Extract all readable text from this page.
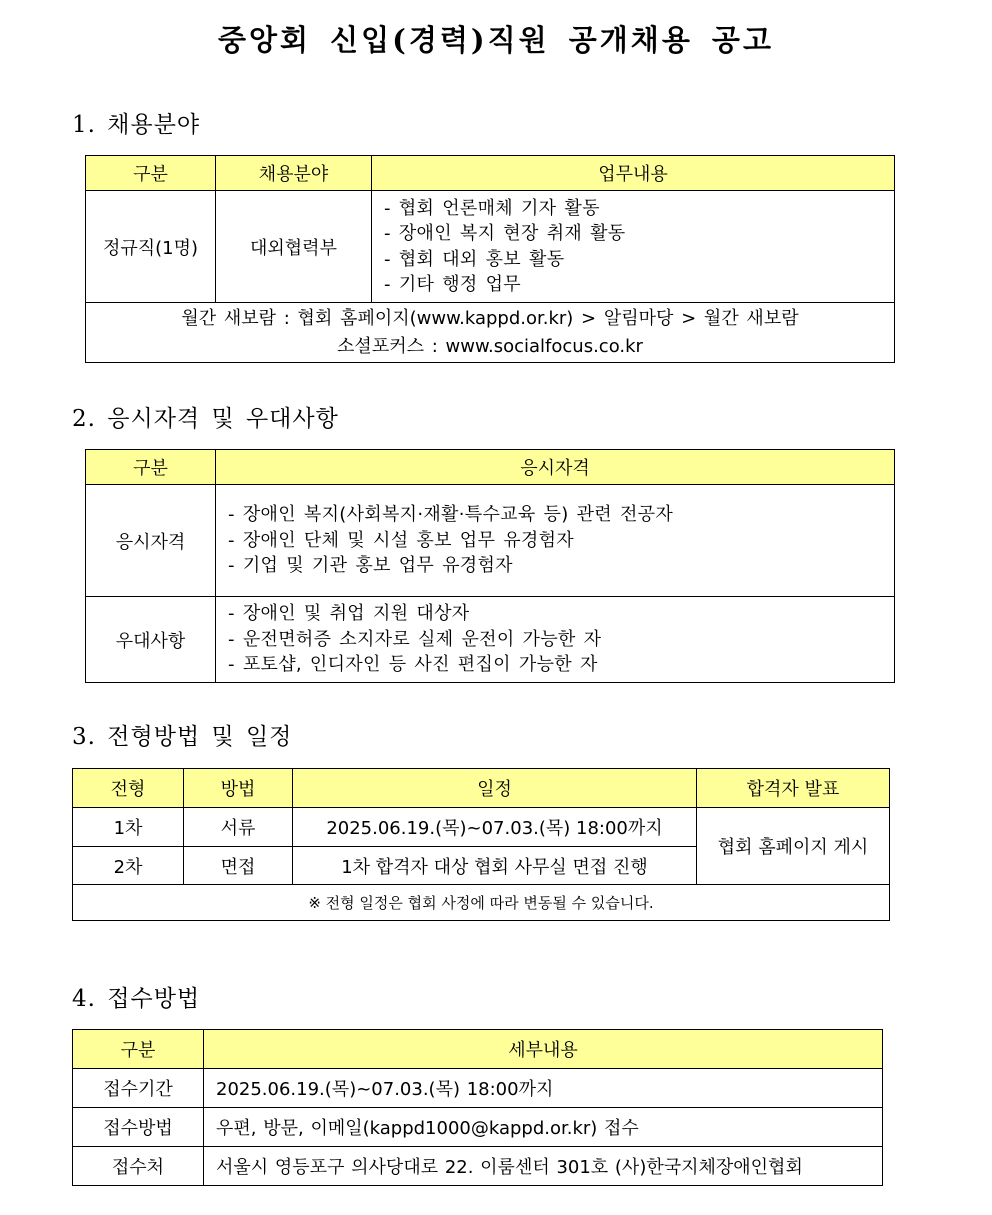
중앙회 신입(경력)직원 공개채용 공고
1. 채용분야
구분	채용분야	업무내용
정규직(1명)	대외협력부	- 협회 언론매체 기자 활동
- 장애인 복지 현장 취재 활동
- 협회 대외 홍보 활동
- 기타 행정 업무

월간 새보람 : 협회 홈페이지(www.kappd.or.kr) > 알림마당 > 월간 새보람
소셜포커스 : www.socialfocus.co.kr		
2. 응시자격 및 우대사항
구분	응시자격
응시자격	- 장애인 복지(사회복지·재활·특수교육 등) 관련 전공자
- 장애인 단체 및 시설 홍보 업무 유경험자
- 기업 및 기관 홍보 업무 유경험자

우대사항	- 장애인 및 취업 지원 대상자
- 운전면허증 소지자로 실제 운전이 가능한 자
- 포토샵, 인디자인 등 사진 편집이 가능한 자
3. 전형방법 및 일정
전형	방법	일정	합격자 발표
1차	서류	2025.06.19.(목)~07.03.(목) 18:00까지	협회 홈페이지 게시
2차	면접	1차 합격자 대상 협회 사무실 면접 진행	
※ 전형 일정은 협회 사정에 따라 변동될 수 있습니다.			
4. 접수방법
구분	세부내용
접수기간	2025.06.19.(목)~07.03.(목) 18:00까지
접수방법	우편, 방문, 이메일(kappd1000@kappd.or.kr) 접수
접수처	서울시 영등포구 의사당대로 22. 이룸센터 301호 (사)한국지체장애인협회
